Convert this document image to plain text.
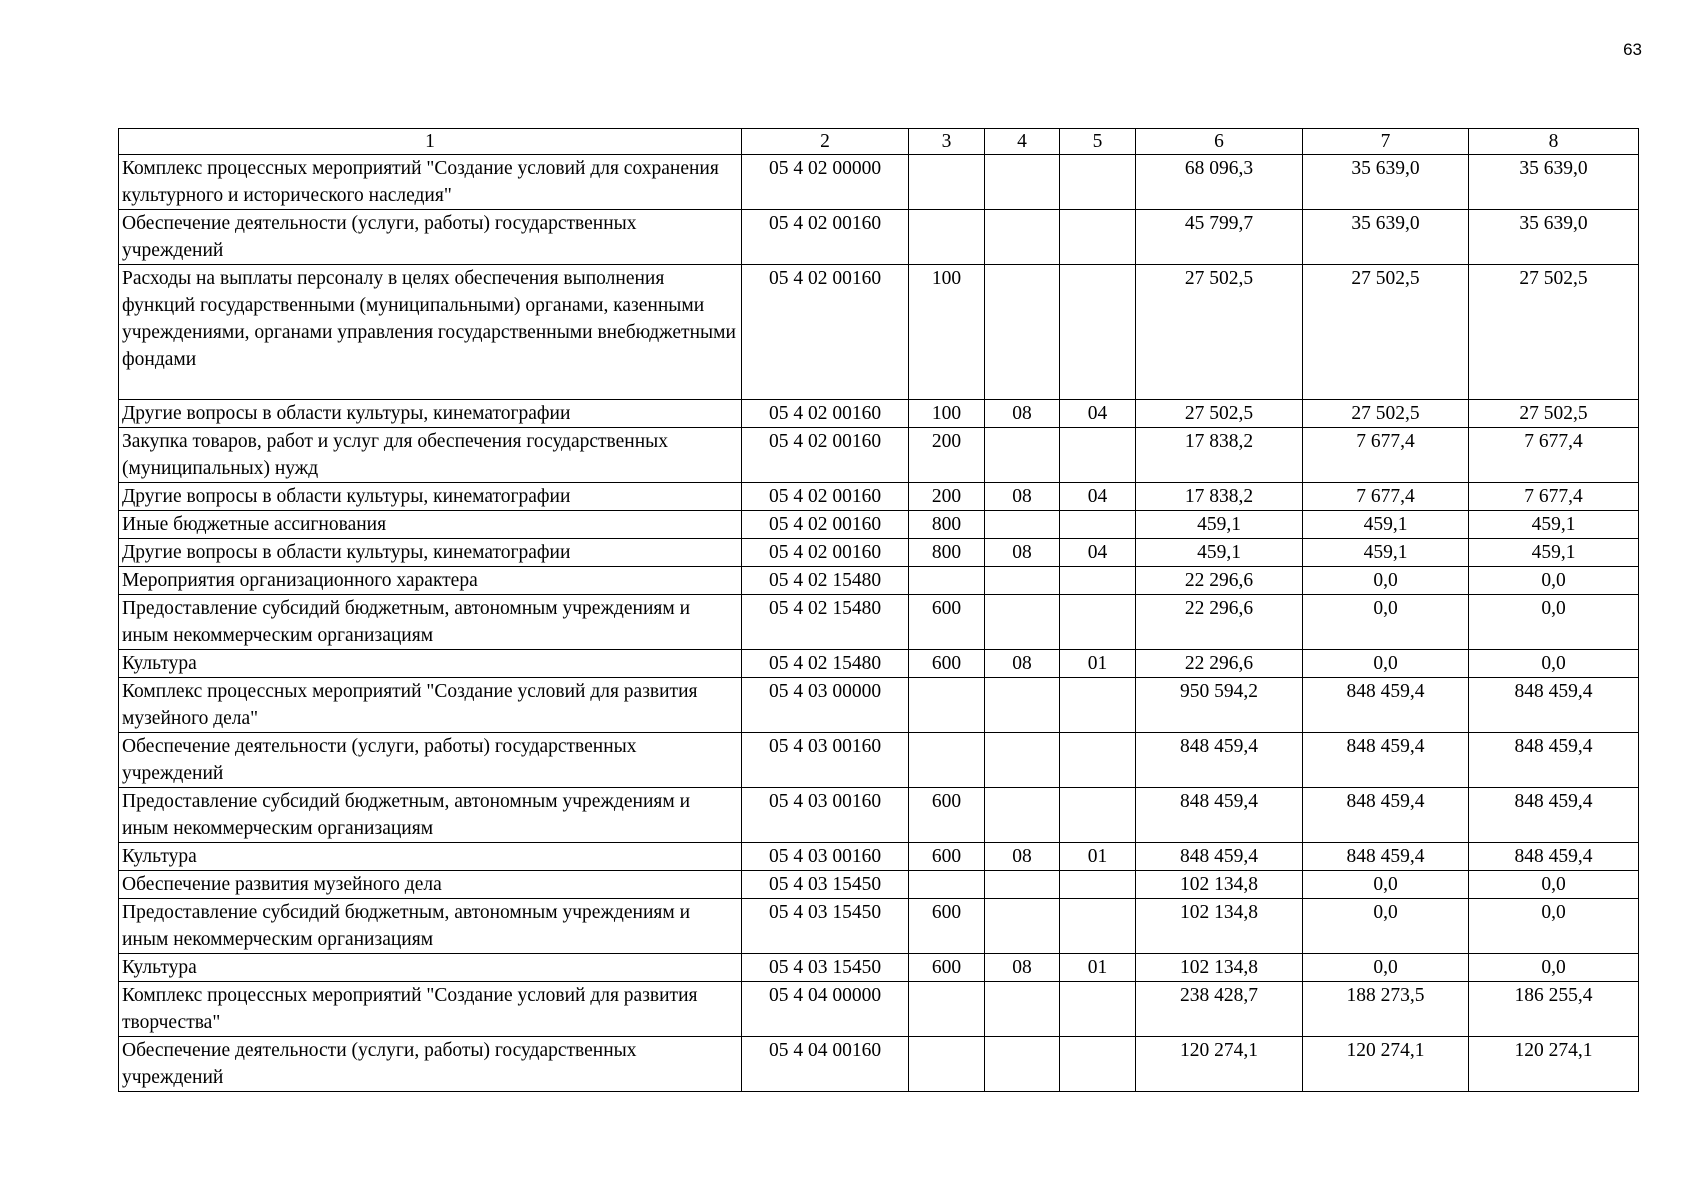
63
1	2	3	4	5	6	7	8
Комплекс процессных мероприятий "Создание условий для сохранения культурного и исторического наследия"	05 4 02 00000				68 096,3	35 639,0	35 639,0
Обеспечение деятельности (услуги, работы) государственных учреждений	05 4 02 00160				45 799,7	35 639,0	35 639,0
Расходы на выплаты персоналу в целях обеспечения выполнения функций государственными (муниципальными) органами, казенными учреждениями, органами управления государственными внебюджетными фондами	05 4 02 00160	100			27 502,5	27 502,5	27 502,5
Другие вопросы в области культуры, кинематографии	05 4 02 00160	100	08	04	27 502,5	27 502,5	27 502,5
Закупка товаров, работ и услуг для обеспечения государственных (муниципальных) нужд	05 4 02 00160	200			17 838,2	7 677,4	7 677,4
Другие вопросы в области культуры, кинематографии	05 4 02 00160	200	08	04	17 838,2	7 677,4	7 677,4
Иные бюджетные ассигнования	05 4 02 00160	800			459,1	459,1	459,1
Другие вопросы в области культуры, кинематографии	05 4 02 00160	800	08	04	459,1	459,1	459,1
Мероприятия организационного характера	05 4 02 15480				22 296,6	0,0	0,0
Предоставление субсидий бюджетным, автономным учреждениям и иным некоммерческим организациям	05 4 02 15480	600			22 296,6	0,0	0,0
Культура	05 4 02 15480	600	08	01	22 296,6	0,0	0,0
Комплекс процессных мероприятий "Создание условий для развития музейного дела"	05 4 03 00000				950 594,2	848 459,4	848 459,4
Обеспечение деятельности (услуги, работы) государственных учреждений	05 4 03 00160				848 459,4	848 459,4	848 459,4
Предоставление субсидий бюджетным, автономным учреждениям и иным некоммерческим организациям	05 4 03 00160	600			848 459,4	848 459,4	848 459,4
Культура	05 4 03 00160	600	08	01	848 459,4	848 459,4	848 459,4
Обеспечение развития музейного дела	05 4 03 15450				102 134,8	0,0	0,0
Предоставление субсидий бюджетным, автономным учреждениям и иным некоммерческим организациям	05 4 03 15450	600			102 134,8	0,0	0,0
Культура	05 4 03 15450	600	08	01	102 134,8	0,0	0,0
Комплекс процессных мероприятий "Создание условий для развития творчества"	05 4 04 00000				238 428,7	188 273,5	186 255,4
Обеспечение деятельности (услуги, работы) государственных учреждений	05 4 04 00160				120 274,1	120 274,1	120 274,1
